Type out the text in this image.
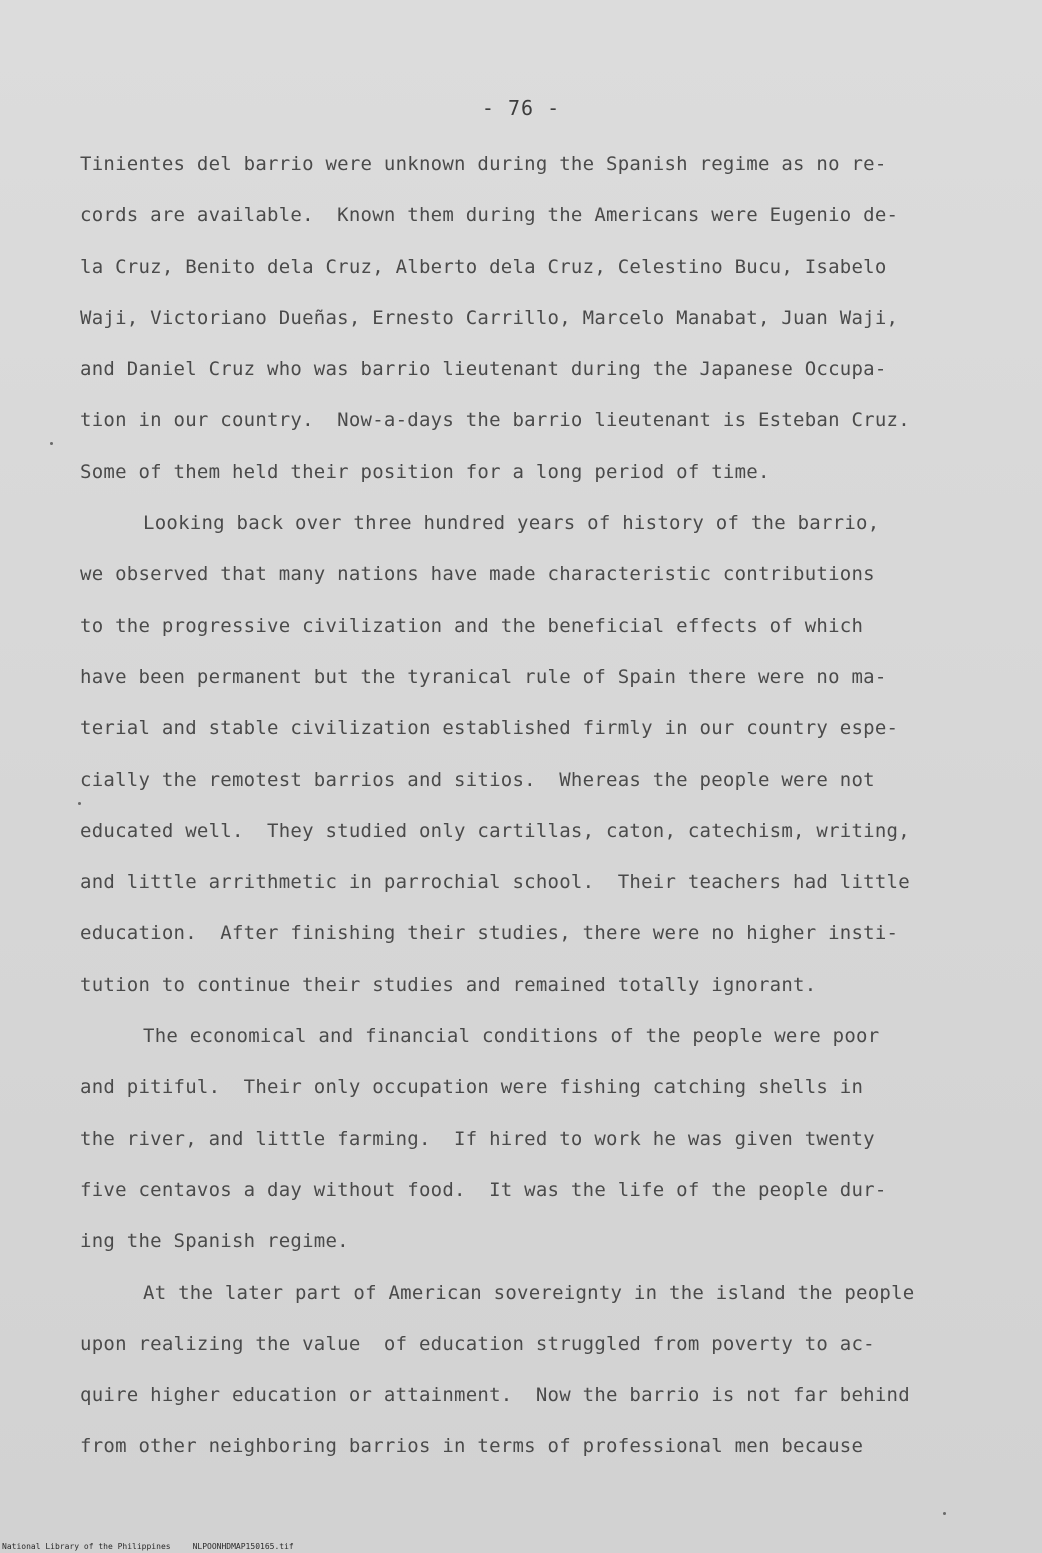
- 76 -
Tinientes del barrio were unknown during the Spanish regime as no re-
cords are available.  Known them during the Americans were Eugenio de-
la Cruz, Benito dela Cruz, Alberto dela Cruz, Celestino Bucu, Isabelo
Waji, Victoriano Dueñas, Ernesto Carrillo, Marcelo Manabat, Juan Waji,
and Daniel Cruz who was barrio lieutenant during the Japanese Occupa-
tion in our country.  Now-a-days the barrio lieutenant is Esteban Cruz.
Some of them held their position for a long period of time.
Looking back over three hundred years of history of the barrio,
we observed that many nations have made characteristic contributions
to the progressive civilization and the beneficial effects of which
have been permanent but the tyranical rule of Spain there were no ma-
terial and stable civilization established firmly in our country espe-
cially the remotest barrios and sitios.  Whereas the people were not
educated well.  They studied only cartillas, caton, catechism, writing,
and little arrithmetic in parrochial school.  Their teachers had little
education.  After finishing their studies, there were no higher insti-
tution to continue their studies and remained totally ignorant.
The economical and financial conditions of the people were poor
and pitiful.  Their only occupation were fishing catching shells in
the river, and little farming.  If hired to work he was given twenty
five centavos a day without food.  It was the life of the people dur-
ing the Spanish regime.
At the later part of American sovereignty in the island the people
upon realizing the value  of education struggled from poverty to ac-
quire higher education or attainment.  Now the barrio is not far behind
from other neighboring barrios in terms of professional men because
National Library of the Philippines	NLPOONHDMAP150165.tif
